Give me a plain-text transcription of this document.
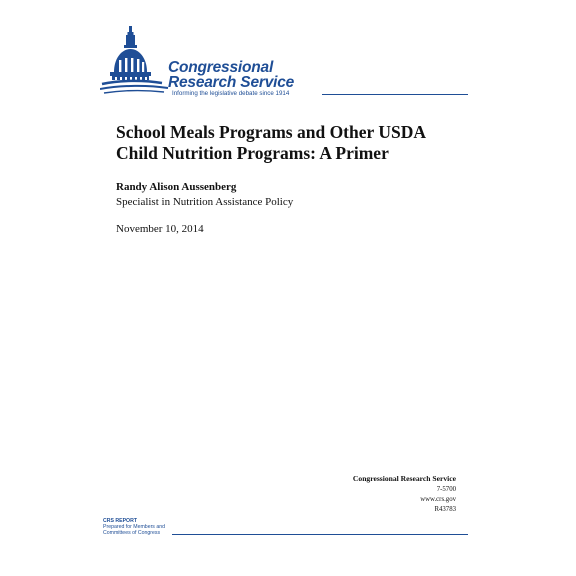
Congressional
Research Service
Informing the legislative debate since 1914
School Meals Programs and Other USDA
Child Nutrition Programs: A Primer
Randy Alison Aussenberg
Specialist in Nutrition Assistance Policy
November 10, 2014
Congressional Research Service
7-5700
www.crs.gov
R43783
CRS REPORT
Prepared for Members and
Committees of Congress
